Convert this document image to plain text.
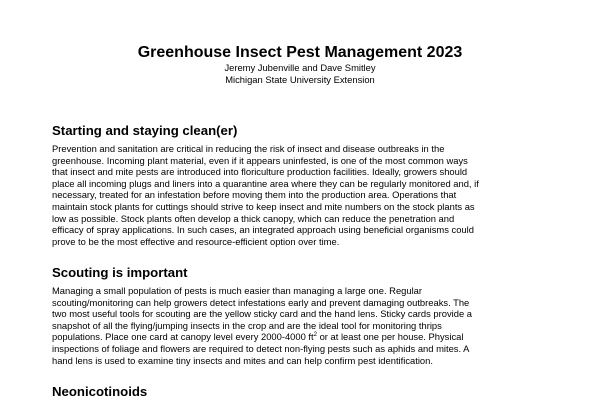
Greenhouse Insect Pest Management 2023

Jeremy Jubenville and Dave Smitley

Michigan State University Extension

Starting and staying clean(er)

Prevention and sanitation are critical in reducing the risk of insect and disease outbreaks in the
greenhouse. Incoming plant material, even if it appears uninfested, is one of the most common ways
that insect and mite pests are introduced into floriculture production facilities. Ideally, growers should
place all incoming plugs and liners into a quarantine area where they can be regularly monitored and, if
necessary, treated for an infestation before moving them into the production area. Operations that
maintain stock plants for cuttings should strive to keep insect and mite numbers on the stock plants as
low as possible. Stock plants often develop a thick canopy, which can reduce the penetration and
efficacy of spray applications. In such cases, an integrated approach using beneficial organisms could
prove to be the most effective and resource-efficient option over time.

Scouting is important

Managing a small population of pests is much easier than managing a large one. Regular
scouting/monitoring can help growers detect infestations early and prevent damaging outbreaks. The
two most useful tools for scouting are the yellow sticky card and the hand lens. Sticky cards provide a
snapshot of all the flying/jumping insects in the crop and are the ideal tool for monitoring thrips
populations. Place one card at canopy level every 2000-4000 $ft^2$ or at least one per house. Physical
inspections of foliage and flowers are required to detect non-flying pests such as aphids and mites. A
hand lens is used to examine tiny insects and mites and can help confirm pest identification.

Neonicotinoids
